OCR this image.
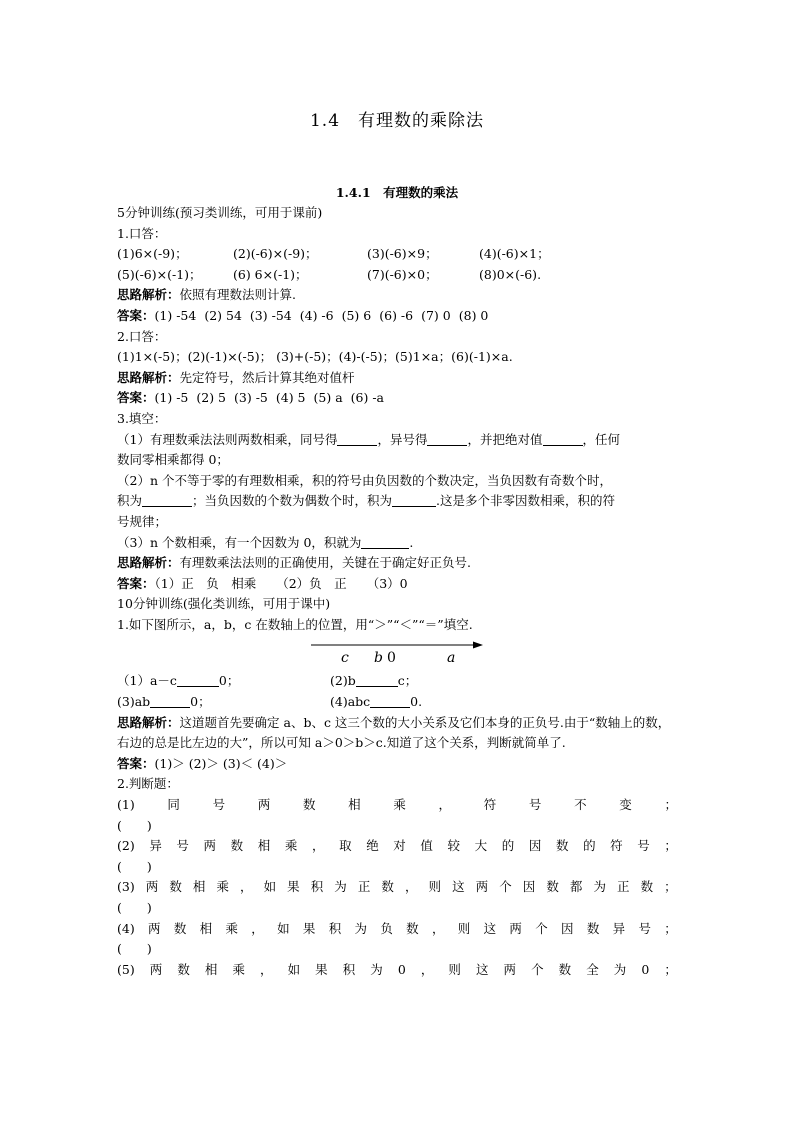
1.4　有理数的乘除法
1.4.1　有理数的乘法
5分钟训练(预习类训练，可用于课前)
1.口答：
(1)6×(-9)；	(2)(-6)×(-9)；	(3)(-6)×9；	(4)(-6)×1；
(5)(-6)×(-1)；	(6) 6×(-1)；	(7)(-6)×0；	(8)0×(-6).
思路解析：依照有理数法则计算.
答案：(1) -54 (2) 54 (3) -54 (4) -6 (5) 6 (6) -6 (7) 0 (8) 0
2.口答：
(1)1×(-5)；(2)(-1)×(-5)； (3)+(-5)；(4)-(-5)；(5)1×a；(6)(-1)×a.
思路解析：先定符号，然后计算其绝对值杆
答案：(1) -5 (2) 5 (3) -5 (4) 5 (5) a (6) -a
3.填空：
（1）有理数乘法法则两数相乘，同号得	，异号得	，并把绝对值	，任何
数同零相乘都得 0；
（2）n 个不等于零的有理数相乘，积的符号由负因数的个数决定，当负因数有奇数个时，
积为	；当负因数的个数为偶数个时，积为	.这是多个非零因数相乘，积的符
号规律；
（3）n 个数相乘，有一个因数为 0，积就为	.
思路解析：有理数乘法法则的正确使用，关键在于确定好正负号.
答案：（1）正　负　相乘 （2）负　正 （3）0
10分钟训练(强化类训练，可用于课中)
1.如下图所示，a，b，c 在数轴上的位置，用“＞”“＜”“＝”填空.
c b 0	a
（1）a－c	0；	(2)b	c；
(3)ab	0；	(4)abc	0.
思路解析：这道题首先要确定 a、b、c 这三个数的大小关系及它们本身的正负号.由于“数轴上的数，右边的总是比左边的大”，所以可知 a＞0＞b＞c.知道了这个关系，判断就简单了.
答案：(1)＞ (2)＞ (3)＜ (4)＞
2.判断题：
(1)	同	号	两	数	相	乘	，	符	号	不	变	；
(　　)
(2) 异 号 两 数 相 乘 ， 取 绝 对 值 较 大 的 因 数 的 符 号 ；
(　　)
(3) 两 数 相 乘 ， 如 果 积 为 正 数 ， 则 这 两 个 因 数 都 为 正 数 ；
(　　)
(4) 两 数 相 乘 ， 如 果 积 为 负 数 ， 则 这 两 个 因 数 异 号 ；
(　　)
(5) 两 数 相 乘 ， 如 果 积 为 0 ， 则 这 两 个 数 全 为 0 ；
